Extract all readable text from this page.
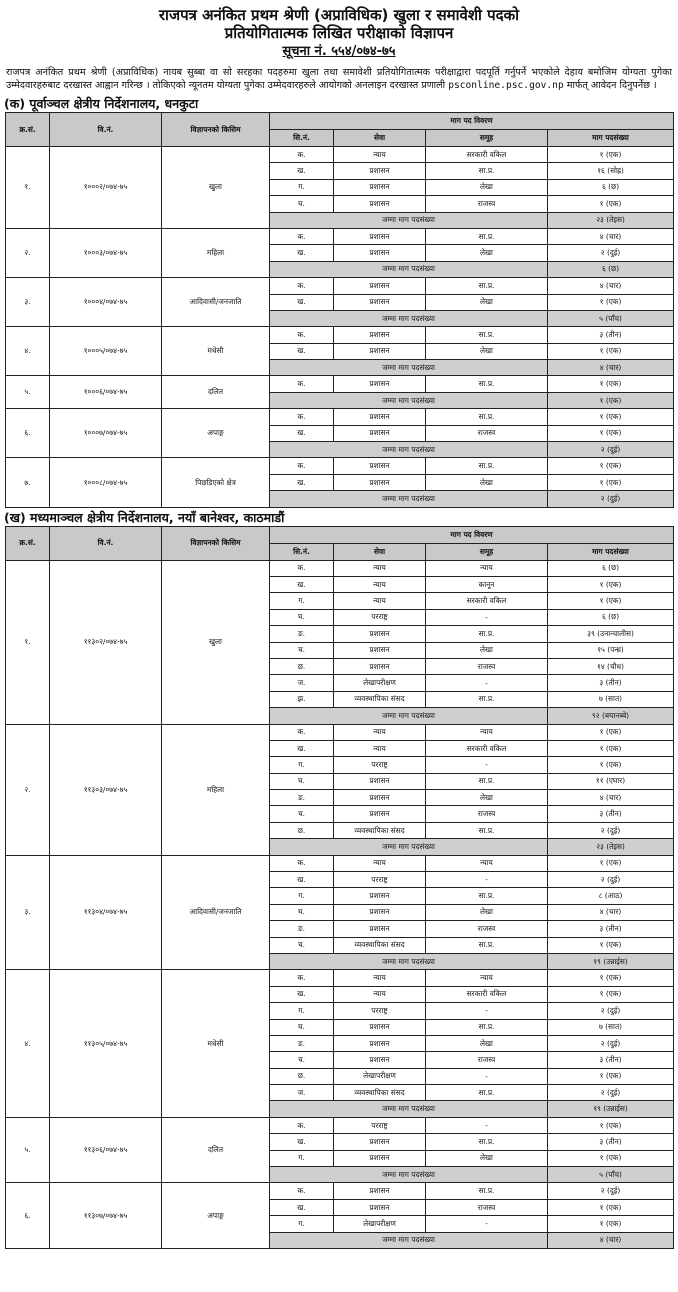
राजपत्र अनंकित प्रथम श्रेणी (अप्राविधिक) खुला र समावेशी पदको
प्रतियोगितात्मक लिखित परीक्षाको विज्ञापन
सूचना नं. ५५४/०७४-७५
राजपत्र अनंकित प्रथम श्रेणी (अप्राविधिक) नायब सुब्बा वा सो सरहका पदहरुमा खुला तथा समावेशी प्रतियोगितात्मक परीक्षाद्वारा पदपूर्ति गर्नुपर्ने भएकोले देहाय बमोजिम योग्यता पुगेका उम्मेदवारहरुबाट दरखास्त आह्वान गरिन्छ । तोकिएको न्यूनतम योग्यता पुगेका उम्मेदवारहरुले आयोगको अनलाइन दरखास्त प्रणाली psconline.psc.gov.np मार्फत् आवेदन दिनुपर्नेछ ।
(क) पूर्वाञ्चल क्षेत्रीय निर्देशनालय, धनकुटा
क्र.सं.	वि.नं.	विज्ञापनको किसिम	माग पद विवरण			
			सि.नं.	सेवा	समूह	माग पदसंख्या
१.	१०००२/०७४-७५	खुला	क.	न्याय	सरकारी वकिल	१ (एक)
			ख.	प्रशासन	सा.प्र.	१६ (सोह्र)
			ग.	प्रशासन	लेखा	६ (छ)
			घ.	प्रशासन	राजस्व	१ (एक)
			जम्मा माग पदसंख्या			२३ (तेइस)
२.	१०००३/०७४-७५	महिला	क.	प्रशासन	सा.प्र.	४ (चार)
			ख.	प्रशासन	लेखा	२ (दुई)
			जम्मा माग पदसंख्या			६ (छ)
३.	१०००४/०७४-७५	आदिवासी/जनजाति	क.	प्रशासन	सा.प्र.	४ (चार)
			ख.	प्रशासन	लेखा	१ (एक)
			जम्मा माग पदसंख्या			५ (पाँच)
४.	१०००५/०७४-७५	मधेसी	क.	प्रशासन	सा.प्र.	३ (तीन)
			ख.	प्रशासन	लेखा	१ (एक)
			जम्मा माग पदसंख्या			४ (चार)
५.	१०००६/०७४-७५	दलित	क.	प्रशासन	सा.प्र.	१ (एक)
			जम्मा माग पदसंख्या			१ (एक)
६.	१०००७/०७४-७५	अपाङ्ग	क.	प्रशासन	सा.प्र.	१ (एक)
			ख.	प्रशासन	राजस्व	१ (एक)
			जम्मा माग पदसंख्या			२ (दुई)
७.	१०००८/०७४-७५	पिछडिएको क्षेत्र	क.	प्रशासन	सा.प्र.	१ (एक)
			ख.	प्रशासन	लेखा	१ (एक)
			जम्मा माग पदसंख्या			२ (दुई)
(ख) मध्यमाञ्चल क्षेत्रीय निर्देशनालय, नयाँ बानेश्वर, काठमाडौं
क्र.सं.	वि.नं.	विज्ञापनको किसिम	माग पद विवरण			
			सि.नं.	सेवा	समूह	माग पदसंख्या
१.	११३०२/०७४-७५	खुला	क.	न्याय	न्याय	६ (छ)
			ख.	न्याय	कानून	१ (एक)
			ग.	न्याय	सरकारी वकिल	१ (एक)
			घ.	परराष्ट्र	-	६ (छ)
			ङ.	प्रशासन	सा.प्र.	३९ (उनान्चालीस)
			च.	प्रशासन	लेखा	१५ (पन्ध्र)
			छ.	प्रशासन	राजस्व	१४ (चौध)
			ज.	लेखापरीक्षण	-	३ (तीन)
			झ.	व्यवस्थापिका संसद	सा.प्र.	७ (सात)
			जम्मा माग पदसंख्या			९२ (बयानब्बे)
२.	११३०३/०७४-७५	महिला	क.	न्याय	न्याय	१ (एक)
			ख.	न्याय	सरकारी वकिल	१ (एक)
			ग.	परराष्ट्र	-	१ (एक)
			घ.	प्रशासन	सा.प्र.	११ (एघार)
			ङ.	प्रशासन	लेखा	४ (चार)
			च.	प्रशासन	राजस्व	३ (तीन)
			छ.	व्यवस्थापिका संसद	सा.प्र.	२ (दुई)
			जम्मा माग पदसंख्या			२३ (तेइस)
३.	११३०४/०७४-७५	आदिवासी/जनजाति	क.	न्याय	न्याय	१ (एक)
			ख.	परराष्ट्र	-	२ (दुई)
			ग.	प्रशासन	सा.प्र.	८ (आठ)
			घ.	प्रशासन	लेखा	४ (चार)
			ङ.	प्रशासन	राजस्व	३ (तीन)
			च.	व्यवस्थापिका संसद	सा.प्र.	१ (एक)
			जम्मा माग पदसंख्या			१९ (उन्नाईस)
४.	११३०५/०७४-७५	मधेसी	क.	न्याय	न्याय	१ (एक)
			ख.	न्याय	सरकारी वकिल	१ (एक)
			ग.	परराष्ट्र	-	२ (दुई)
			घ.	प्रशासन	सा.प्र.	७ (सात)
			ङ.	प्रशासन	लेखा	२ (दुई)
			च.	प्रशासन	राजस्व	३ (तीन)
			छ.	लेखापरीक्षण	-	१ (एक)
			ज.	व्यवस्थापिका संसद	सा.प्र.	२ (दुई)
			जम्मा माग पदसंख्या			१९ (उन्नाईस)
५.	११३०६/०७४-७५	दलित	क.	परराष्ट्र	-	१ (एक)
			ख.	प्रशासन	सा.प्र.	३ (तीन)
			ग.	प्रशासन	लेखा	१ (एक)
			जम्मा माग पदसंख्या			५ (पाँच)
६.	११३०७/०७४-७५	अपाङ्ग	क.	प्रशासन	सा.प्र.	२ (दुई)
			ख.	प्रशासन	राजस्व	१ (एक)
			ग.	लेखापरीक्षण	-	१ (एक)
			जम्मा माग पदसंख्या			४ (चार)
